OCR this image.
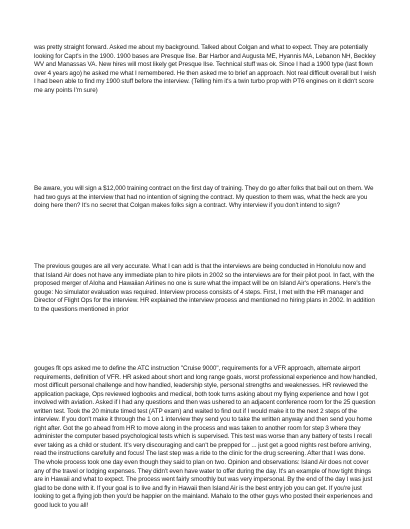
was pretty straight forward. Asked me about my background. Talked about Colgan and what to expect. They are potentially looking for Capt's in the 1900. 1900 bases are Presque Ilse. Bar Harbor and Augusta ME, Hyannis MA, Lebanon NH, Beckley WV and Manassas VA. New hires will most likely get Presque Ilse. Technical stuff was ok. Since I had a 1900 type (last flown over 4 years ago) he asked me what I remembered. He then asked me to brief an approach. Not real difficult overall but I wish I had been able to find my 1900 stuff before the interview. (Telling him it's a twin turbo prop with PT6 engines on it didn't score me any points I'm sure)

Be aware, you will sign a $12,000 training contract on the first day of training. They do go after folks that bail out on them. We had two guys at the interview that had no intention of signing the contract. My question to them was, what the heck are you doing here then? It's no secret that Colgan makes folks sign a contract. Why interview if you don't intend to sign?

The previous gouges are all very accurate. What I can add is that the interviews are being conducted in Honolulu now and that Island Air does not have any immediate plan to hire pilots in 2002 so the interviews are for their pilot pool. In fact, with the proposed merger of Aloha and Hawaiian Airlines no one is sure what the impact will be on Island Air's operations. Here's the gouge: No simulator evaluation was required. Interview process consists of 4 steps. First, I met with the HR manager and Director of Flight Ops for the interview. HR explained the interview process and mentioned no hiring plans in 2002. In addition to the questions mentioned in prior

gouges flt ops asked me to define the ATC instruction "Cruise 9000", requirements for a VFR approach, alternate airport requirements, definition of VFR. HR asked about short and long range goals, worst professional experience and how handled, most difficult personal challenge and how handled, leadership style, personal strengths and weaknesses. HR reviewed the application package, Ops reviewed logbooks and medical, both took turns asking about my flying experience and how I got involved with aviation. Asked if I had any questions and then was ushered to an adjacent conference room for the 25 question written test. Took the 20 minute timed test (ATP exam) and waited to find out if I would make it to the next 2 steps of the interview. If you don't make it through the 1 on 1 interview they send you to take the written anyway and then send you home right after. Got the go ahead from HR to move along in the process and was taken to another room for step 3 where they administer the computer based psychological tests which is supervised. This test was worse than any battery of tests I recall ever taking as a child or student. It's very discouraging and can't be prepped for ... just get a good nights rest before arriving, read the instructions carefully and focus! The last step was a ride to the clinic for the drug screening. After that I was done. The whole process took one day even though they said to plan on two. Opinion and observations: Island Air does not cover any of the travel or lodging expenses. They didn't even have water to offer during the day. It's an example of how tight things are in Hawaii and what to expect. The process went fairly smoothly but was very impersonal. By the end of the day I was just glad to be done with it. If your goal is to live and fly in Hawaii then Island Air is the best entry job you can get. If you're just looking to get a flying job then you'd be happier on the mainland. Mahalo to the other guys who posted their experiences and good luck to you all!
